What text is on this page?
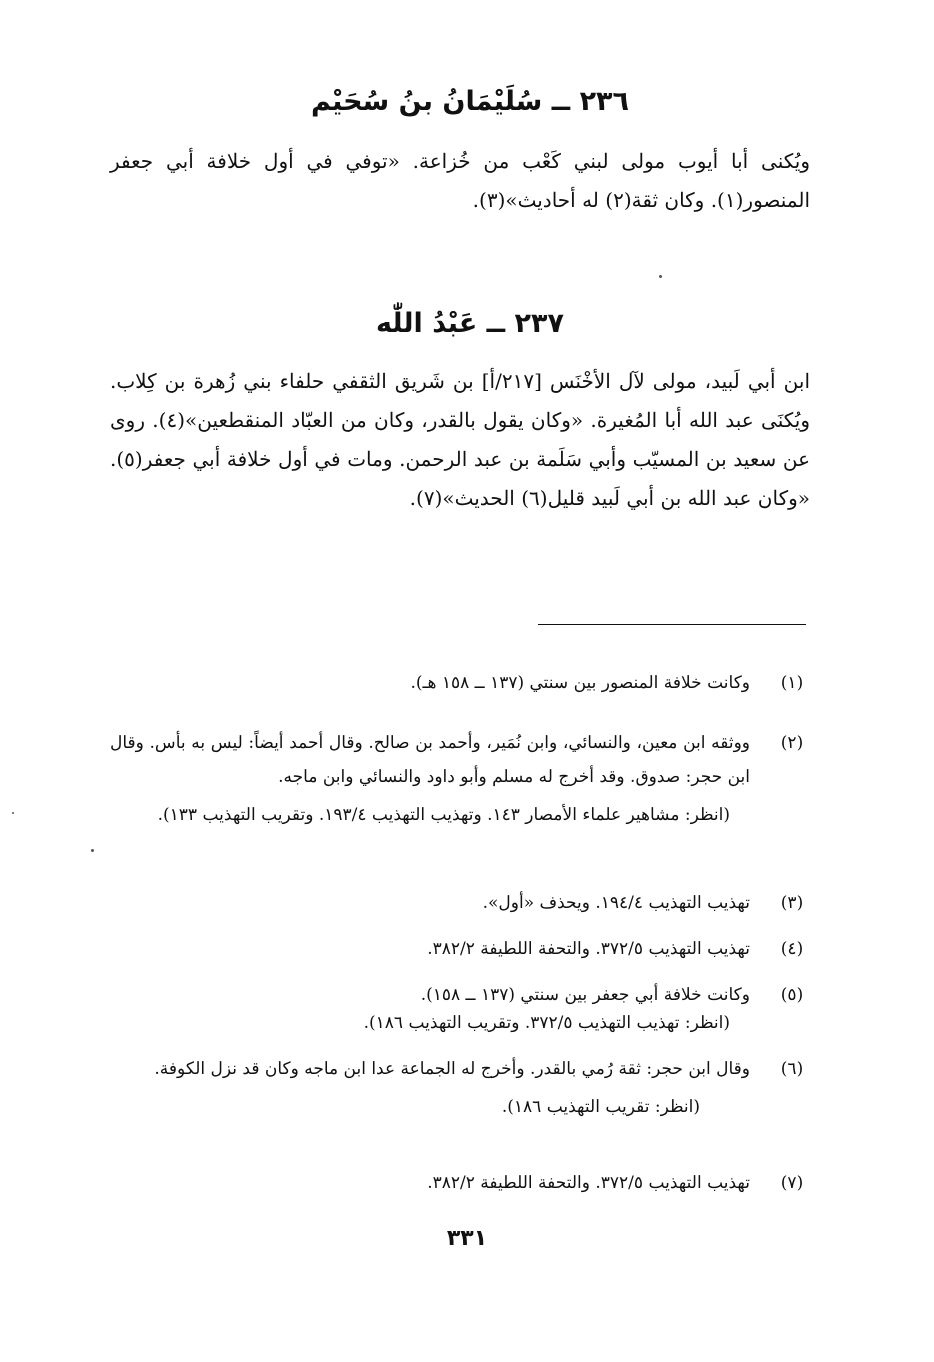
٢٣٦ ــ سُلَيْمَانُ بنُ سُحَيْم
ويُكنى أبا أيوب مولى لبني كَعْب من خُزاعة. «توفي في أول خلافة أبي جعفر المنصور(١). وكان ثقة(٢) له أحاديث»(٣).
٢٣٧ ــ عَبْدُ اللّٰه
ابن أبي لَبيد، مولى لآل الأخْنَس [٢١٧/أ] بن شَريق الثقفي حلفاء بني زُهرة بن كِلاب. ويُكنَى عبد الله أبا المُغيرة. «وكان يقول بالقدر، وكان من العبّاد المنقطعين»(٤). روى عن سعيد بن المسيّب وأبي سَلَمة بن عبد الرحمن. ومات في أول خلافة أبي جعفر(٥). «وكان عبد الله بن أبي لَبيد قليل(٦) الحديث»(٧).
(١)
وكانت خلافة المنصور بين سنتي (١٣٧ ــ ١٥٨ هـ).
(٢)
ووثقه ابن معين، والنسائي، وابن نُمَير، وأحمد بن صالح. وقال أحمد أيضاً: ليس به بأس. وقال ابن حجر: صدوق. وقد أخرج له مسلم وأبو داود والنسائي وابن ماجه.
(انظر: مشاهير علماء الأمصار ١٤٣. وتهذيب التهذيب ١٩٣/٤. وتقريب التهذيب ١٣٣).
(٣)
تهذيب التهذيب ١٩٤/٤. ويحذف «أول».
(٤)
تهذيب التهذيب ٣٧٢/٥. والتحفة اللطيفة ٣٨٢/٢.
(٥)
وكانت خلافة أبي جعفر بين سنتي (١٣٧ ــ ١٥٨).
(انظر: تهذيب التهذيب ٣٧٢/٥. وتقريب التهذيب ١٨٦).
(٦)
وقال ابن حجر: ثقة رُمي بالقدر. وأخرج له الجماعة عدا ابن ماجه وكان قد نزل الكوفة.
(انظر: تقريب التهذيب ١٨٦).
(٧)
تهذيب التهذيب ٣٧٢/٥. والتحفة اللطيفة ٣٨٢/٢.
٣٣١
